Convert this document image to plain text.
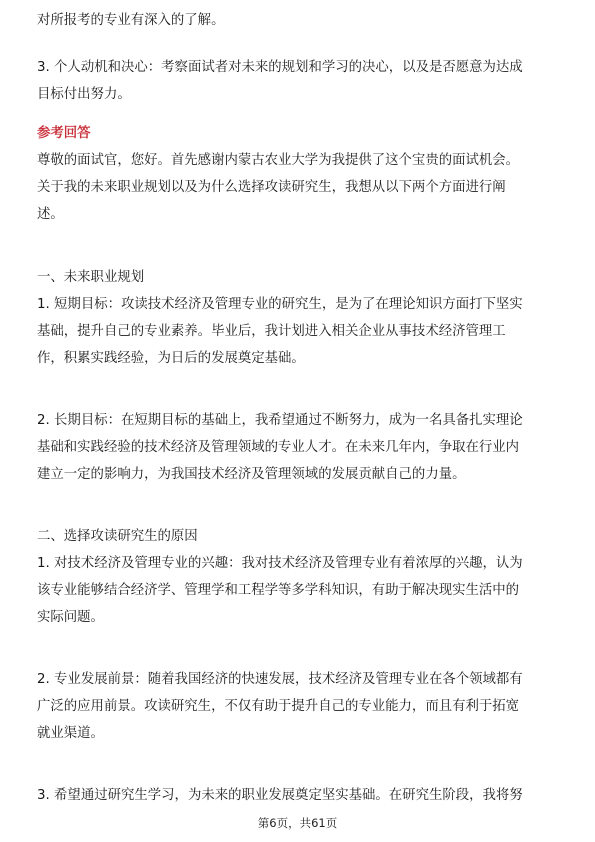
对所报考的专业有深入的了解。
3. 个人动机和决心：考察面试者对未来的规划和学习的决心，以及是否愿意为达成
目标付出努力。
参考回答
尊敬的面试官，您好。首先感谢内蒙古农业大学为我提供了这个宝贵的面试机会。
关于我的未来职业规划以及为什么选择攻读研究生，我想从以下两个方面进行阐
述。
一、未来职业规划
1. 短期目标：攻读技术经济及管理专业的研究生，是为了在理论知识方面打下坚实
基础，提升自己的专业素养。毕业后，我计划进入相关企业从事技术经济管理工
作，积累实践经验，为日后的发展奠定基础。
2. 长期目标：在短期目标的基础上，我希望通过不断努力，成为一名具备扎实理论
基础和实践经验的技术经济及管理领域的专业人才。在未来几年内，争取在行业内
建立一定的影响力，为我国技术经济及管理领域的发展贡献自己的力量。
二、选择攻读研究生的原因
1. 对技术经济及管理专业的兴趣：我对技术经济及管理专业有着浓厚的兴趣，认为
该专业能够结合经济学、管理学和工程学等多学科知识，有助于解决现实生活中的
实际问题。
2. 专业发展前景：随着我国经济的快速发展，技术经济及管理专业在各个领域都有
广泛的应用前景。攻读研究生，不仅有助于提升自己的专业能力，而且有利于拓宽
就业渠道。
3. 希望通过研究生学习，为未来的职业发展奠定坚实基础。在研究生阶段，我将努
第6页，共61页
